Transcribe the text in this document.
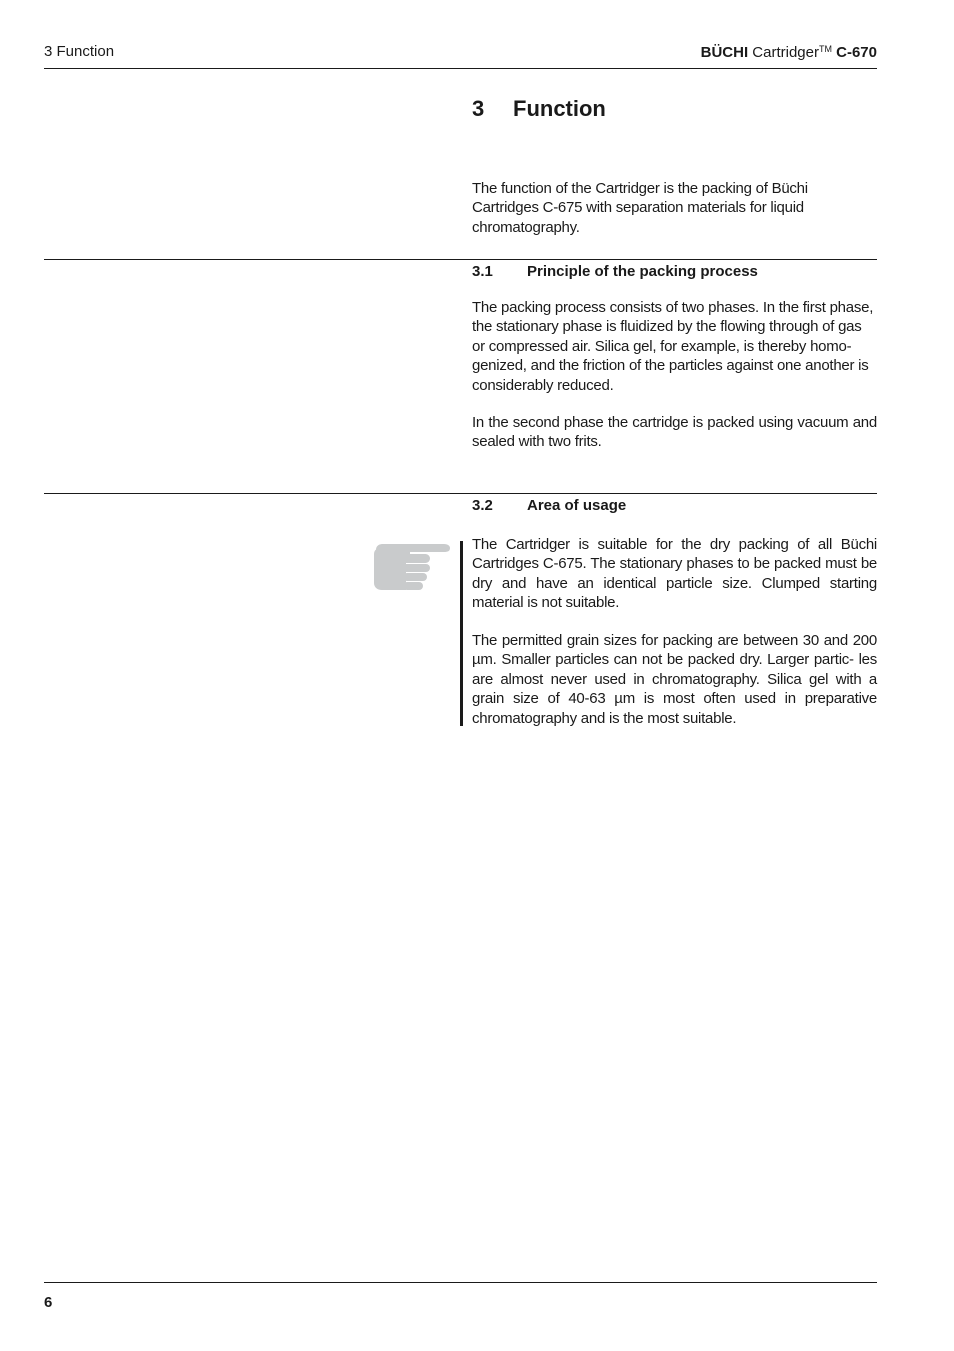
3 Function	BÜCHI Cartridger™ C-670
3 Function
The function of the Cartridger is the packing of Büchi Cartridges C-675 with separation materials for liquid chromatography.
3.1 Principle of the packing process
The packing process consists of two phases. In the first phase, the stationary phase is fluidized by the flowing through of gas or compressed air. Silica gel, for example, is thereby homo- genized, and the friction of the particles against one another is considerably reduced.
In the second phase the cartridge is packed using vacuum and sealed with two frits.
3.2 Area of usage
The Cartridger is suitable for the dry packing of all Büchi Cartridges C-675. The stationary phases to be packed must be dry and have an identical particle size. Clumped starting material is not suitable.
The permitted grain sizes for packing are between 30 and 200 µm. Smaller particles can not be packed dry. Larger partic- les are almost never used in chromatography. Silica gel with a grain size of 40-63 µm is most often used in preparative chromatography and is the most suitable.
6
